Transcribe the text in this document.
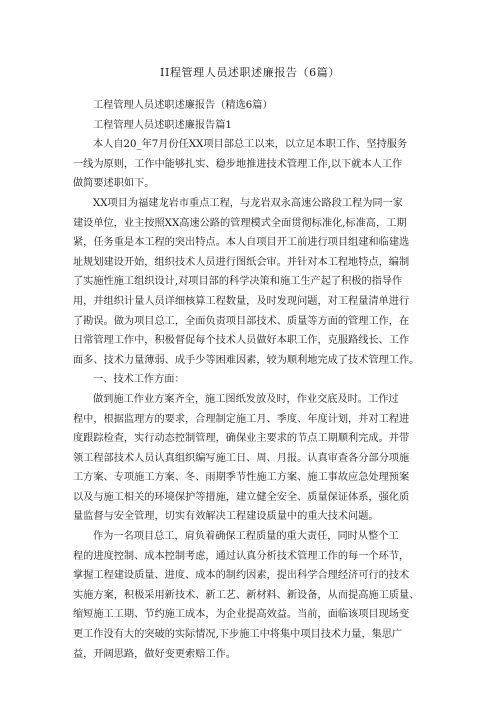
II程管理人员述职述廉报告（6篇）
工程管理人员述职述廉报告（精选6篇）
工程管理人员述职述廉报告篇1
本人自20_年7月份任XX项目部总工以来，以立足本职工作、坚持服务
一线为原则，工作中能够扎实、稳步地推进技术管理工作,以下就本人工作
做简要述职如下。
XX项目为福建龙岩市重点工程，与龙岩双永高速公路段工程为同一家
建设单位，业主按照XX高速公路的管理模式全面贯彻标准化,标准高，工期
紧，任务重是本工程的突出特点。本人自项目开工前进行项目组建和临建选
址规划建设开始，组织技术人员进行图纸会审。并针对本工程地特点，编制
了实施性施工组织设计,对项目部的科学决策和施工生产起了积极的指导作
用，并组织计量人员详细核算工程数量，及时发现问题，对工程量清单进行
了勘误。做为项目总工，全面负责项目部技术、质量等方面的管理工作，在
日常管理工作中，积极督促每个技术人员做好本职工作，克服路线长、工作
面多、技术力量薄弱、成手少等困难因素，较为顺利地完成了技术管理工作。
一、技术工作方面：
做到施工作业方案齐全，施工图纸发放及时，作业交底及时。工作过
程中，根据监理方的要求，合理制定施工月、季度、年度计划，并对工程进
度跟踪检查，实行动态控制管理，确保业主要求的节点工期顺利完成。并带
领工程部技术人员认真组织编写施工日、周、月报。认真审查各分部分项施
工方案、专项施工方案、冬、雨期季节性施工方案、施工事故应急处理预案
以及与施工相关的环境保护等措施，建立健全安全、质量保证体系，强化质
量监督与安全管理，切实有效解决工程建设质量中的重大技术问题。
作为一名项目总工，肩负着确保工程质量的重大责任，同时从整个工
程的进度控制、成本控制考虑，通过认真分析技术管理工作的每一个环节，
掌握工程建设质量、进度、成本的制约因素，提出科学合理经济可行的技术
实施方案，积极采用新技术、新工艺、新材料、新设备，从而提高施工质量、
缩短施工工期、节约施工成本，为企业提高效益。当前，面临该项目现场变
更工作没有大的突破的实际情况,下步施工中将集中项目技术力量，集思广
益，开阔思路，做好变更索赔工作。
